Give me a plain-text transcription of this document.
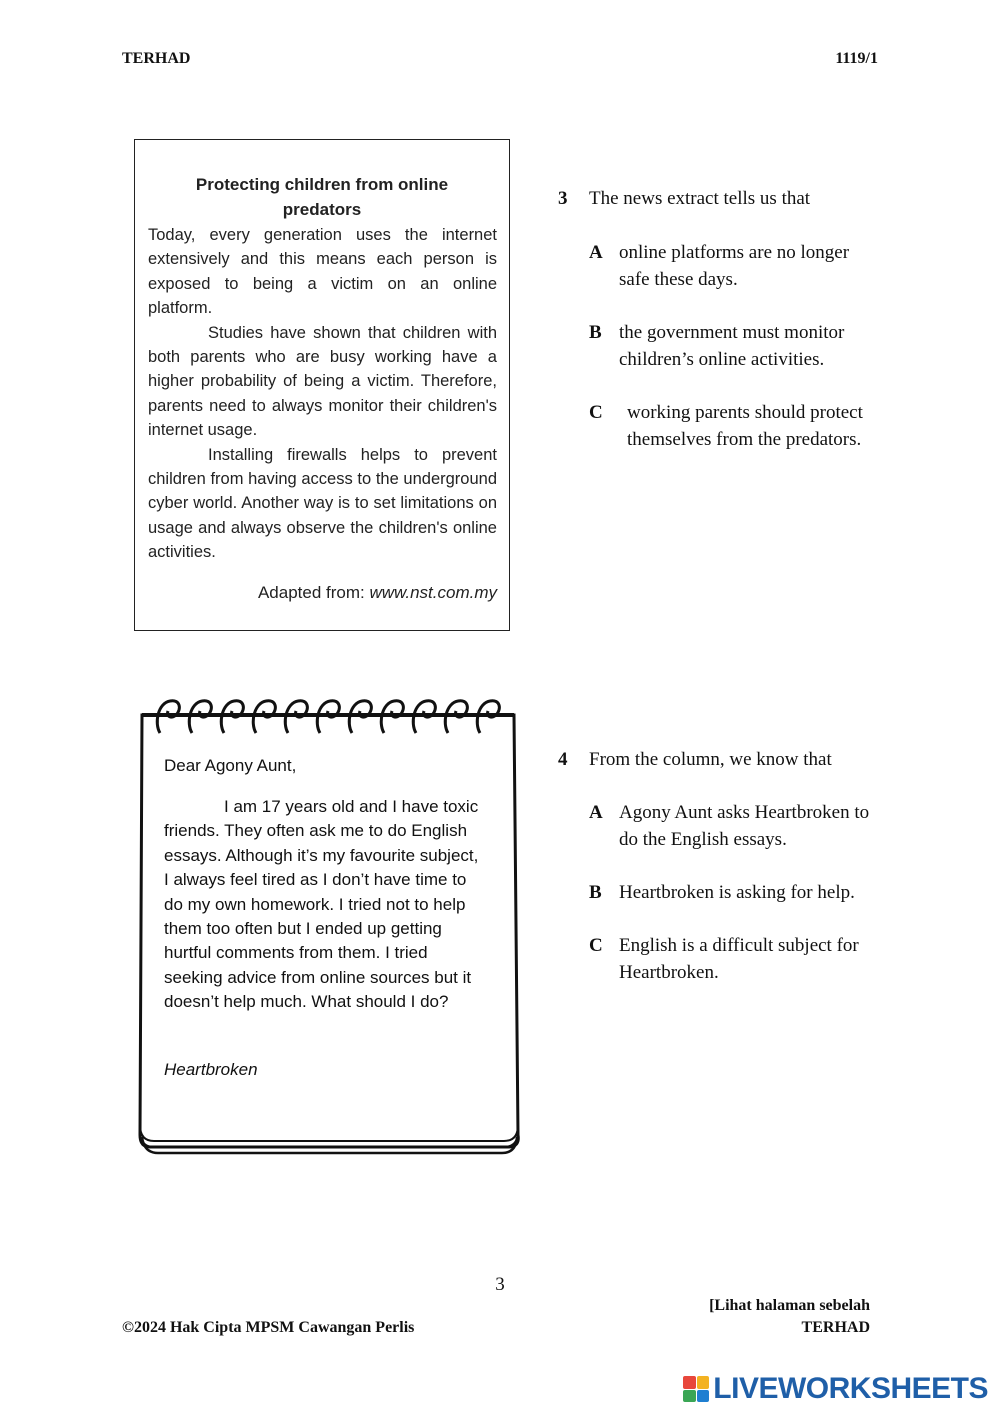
TERHAD	1119/1
Protecting children from online predators

Today, every generation uses the internet extensively and this means each person is exposed to being a victim on an online platform.

Studies have shown that children with both parents who are busy working have a higher probability of being a victim. Therefore, parents need to always monitor their children's internet usage.

Installing firewalls helps to prevent children from having access to the underground cyber world. Another way is to set limitations on usage and always observe the children's online activities.

Adapted from: www.nst.com.my
3 The news extract tells us that
A online platforms are no longer safe these days.
B the government must monitor children’s online activities.
C working parents should protect themselves from the predators.
Dear Agony Aunt,
I am 17 years old and I have toxic friends. They often ask me to do English essays. Although it’s my favourite subject, I always feel tired as I don’t have time to do my own homework. I tried not to help them too often but I ended up getting hurtful comments from them. I tried seeking advice from online sources but it doesn’t help much. What should I do?
Heartbroken
4 From the column, we know that
A Agony Aunt asks Heartbroken to do the English essays.
B Heartbroken is asking for help.
C English is a difficult subject for Heartbroken.
3
[Lihat halaman sebelah
©2024 Hak Cipta MPSM Cawangan Perlis	TERHAD
LIVEWORKSHEETS
